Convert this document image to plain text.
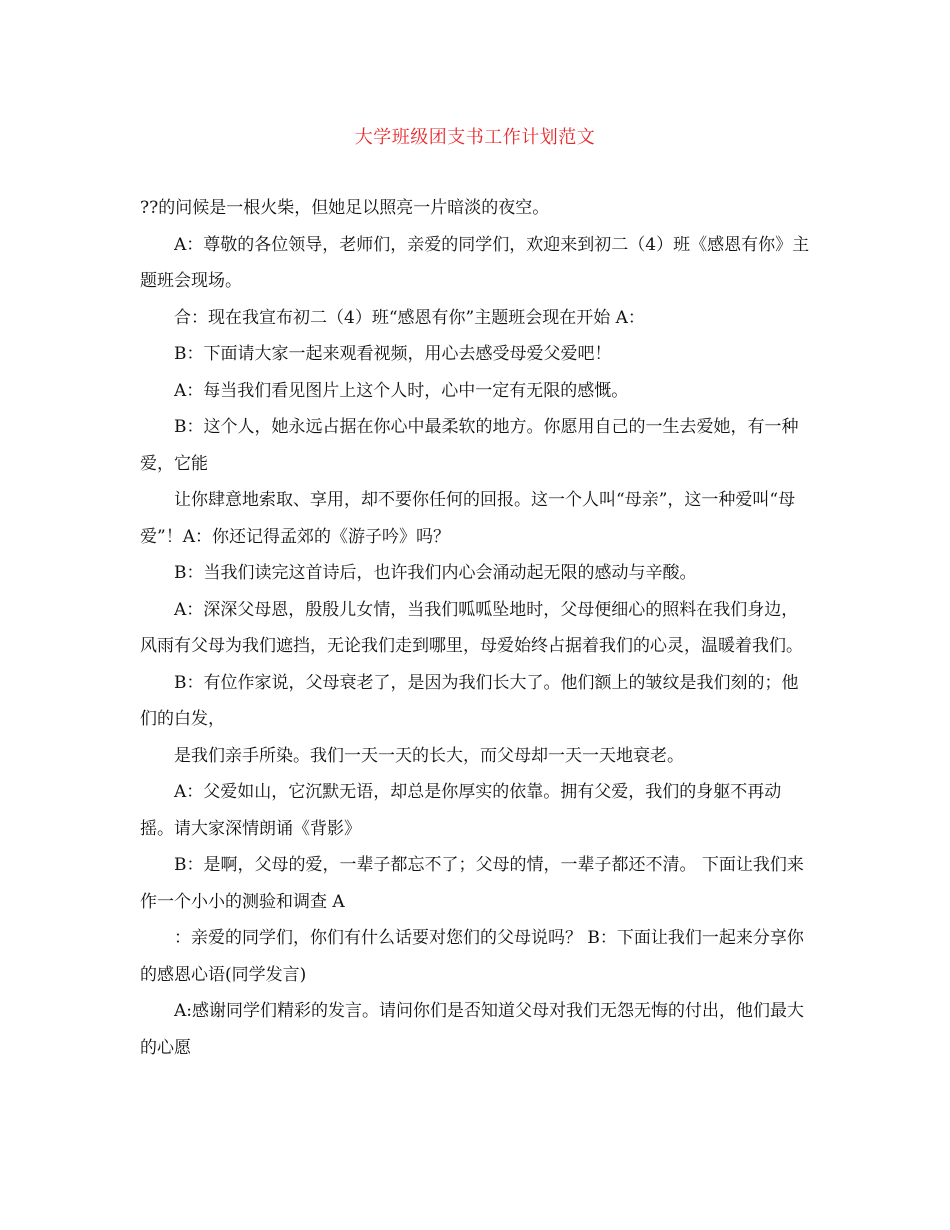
大学班级团支书工作计划范文

??的问候是一根火柴，但她足以照亮一片暗淡的夜空。

A：尊敬的各位领导，老师们，亲爱的同学们，欢迎来到初二（4）班《感恩有你》主题班会现场。

合：现在我宣布初二（4）班“感恩有你”主题班会现在开始 A：

B：下面请大家一起来观看视频，用心去感受母爱父爱吧！

A：每当我们看见图片上这个人时，心中一定有无限的感慨。

B：这个人，她永远占据在你心中最柔软的地方。你愿用自己的一生去爱她，有一种爱，它能

让你肆意地索取、享用，却不要你任何的回报。这一个人叫“母亲”，这一种爱叫“母爱”！A：你还记得孟郊的《游子吟》吗？

B：当我们读完这首诗后，也许我们内心会涌动起无限的感动与辛酸。

A：深深父母恩，殷殷儿女情，当我们呱呱坠地时，父母便细心的照料在我们身边，风雨有父母为我们遮挡，无论我们走到哪里，母爱始终占据着我们的心灵，温暖着我们。

B：有位作家说，父母衰老了，是因为我们长大了。他们额上的皱纹是我们刻的；他们的白发，

是我们亲手所染。我们一天一天的长大，而父母却一天一天地衰老。

A：父爱如山，它沉默无语，却总是你厚实的依靠。拥有父爱，我们的身躯不再动摇。请大家深情朗诵《背影》

B：是啊，父母的爱，一辈子都忘不了；父母的情，一辈子都还不清。 下面让我们来作一个小小的测验和调查 A

：亲爱的同学们，你们有什么话要对您们的父母说吗？ B：下面让我们一起来分享你的感恩心语(同学发言)

A:感谢同学们精彩的发言。请问你们是否知道父母对我们无怨无悔的付出，他们最大的心愿
